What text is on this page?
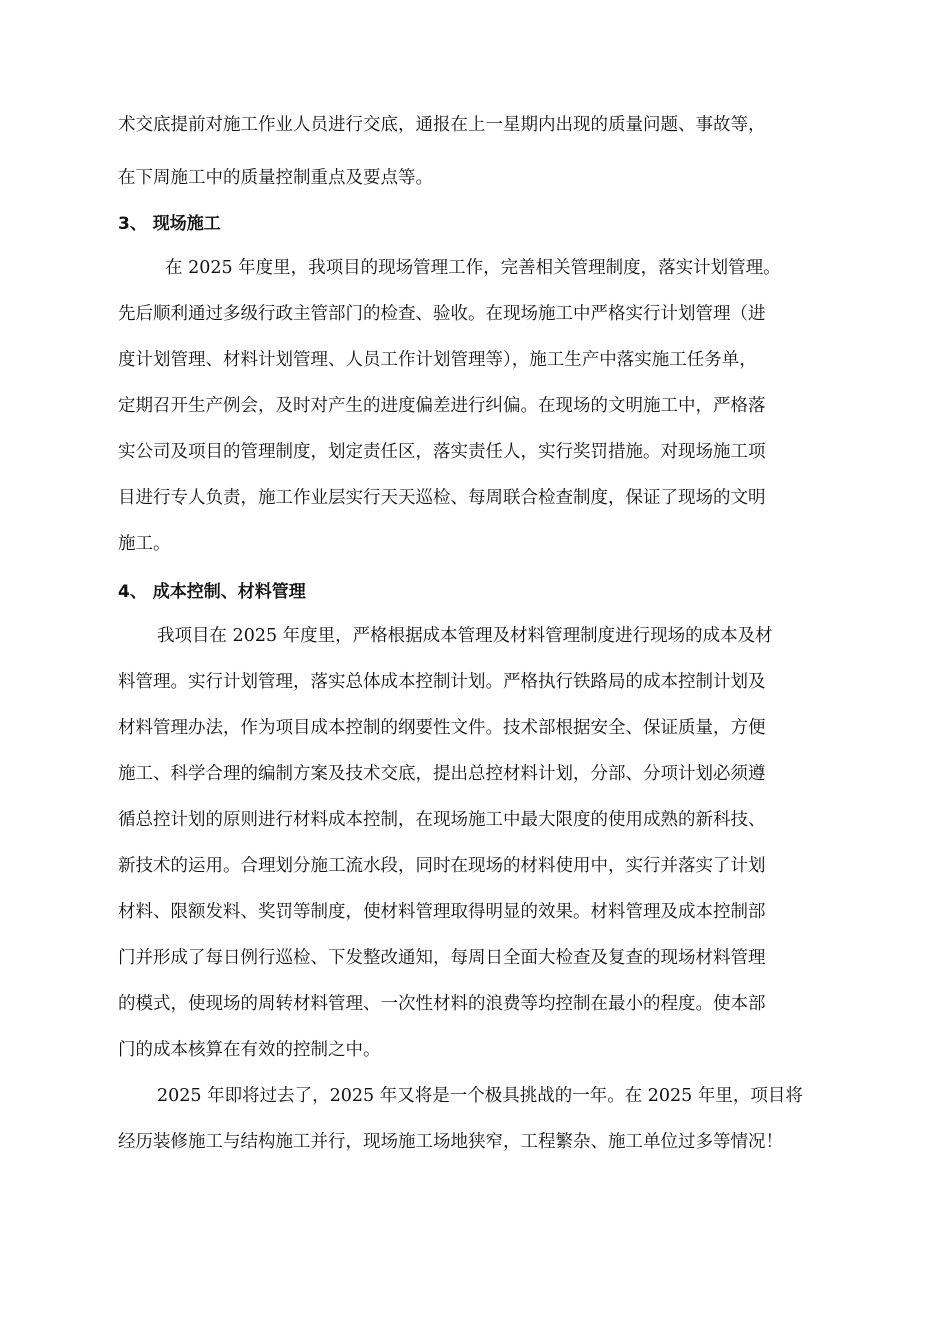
术交底提前对施工作业人员进行交底，通报在上一星期内出现的质量问题、事故等，
在下周施工中的质量控制重点及要点等。
3、 现场施工
在 2025 年度里，我项目的现场管理工作，完善相关管理制度，落实计划管理。
先后顺利通过多级行政主管部门的检查、验收。在现场施工中严格实行计划管理（进
度计划管理、材料计划管理、人员工作计划管理等），施工生产中落实施工任务单，
定期召开生产例会，及时对产生的进度偏差进行纠偏。在现场的文明施工中，严格落
实公司及项目的管理制度，划定责任区，落实责任人，实行奖罚措施。对现场施工项
目进行专人负责，施工作业层实行天天巡检、每周联合检查制度，保证了现场的文明
施工。
4、 成本控制、材料管理
我项目在 2025 年度里，严格根据成本管理及材料管理制度进行现场的成本及材
料管理。实行计划管理，落实总体成本控制计划。严格执行铁路局的成本控制计划及
材料管理办法，作为项目成本控制的纲要性文件。技术部根据安全、保证质量，方便
施工、科学合理的编制方案及技术交底，提出总控材料计划，分部、分项计划必须遵
循总控计划的原则进行材料成本控制，在现场施工中最大限度的使用成熟的新科技、
新技术的运用。合理划分施工流水段，同时在现场的材料使用中，实行并落实了计划
材料、限额发料、奖罚等制度，使材料管理取得明显的效果。材料管理及成本控制部
门并形成了每日例行巡检、下发整改通知，每周日全面大检查及复查的现场材料管理
的模式，使现场的周转材料管理、一次性材料的浪费等均控制在最小的程度。使本部
门的成本核算在有效的控制之中。
2025 年即将过去了，2025 年又将是一个极具挑战的一年。在 2025 年里，项目将
经历装修施工与结构施工并行，现场施工场地狭窄，工程繁杂、施工单位过多等情况！
